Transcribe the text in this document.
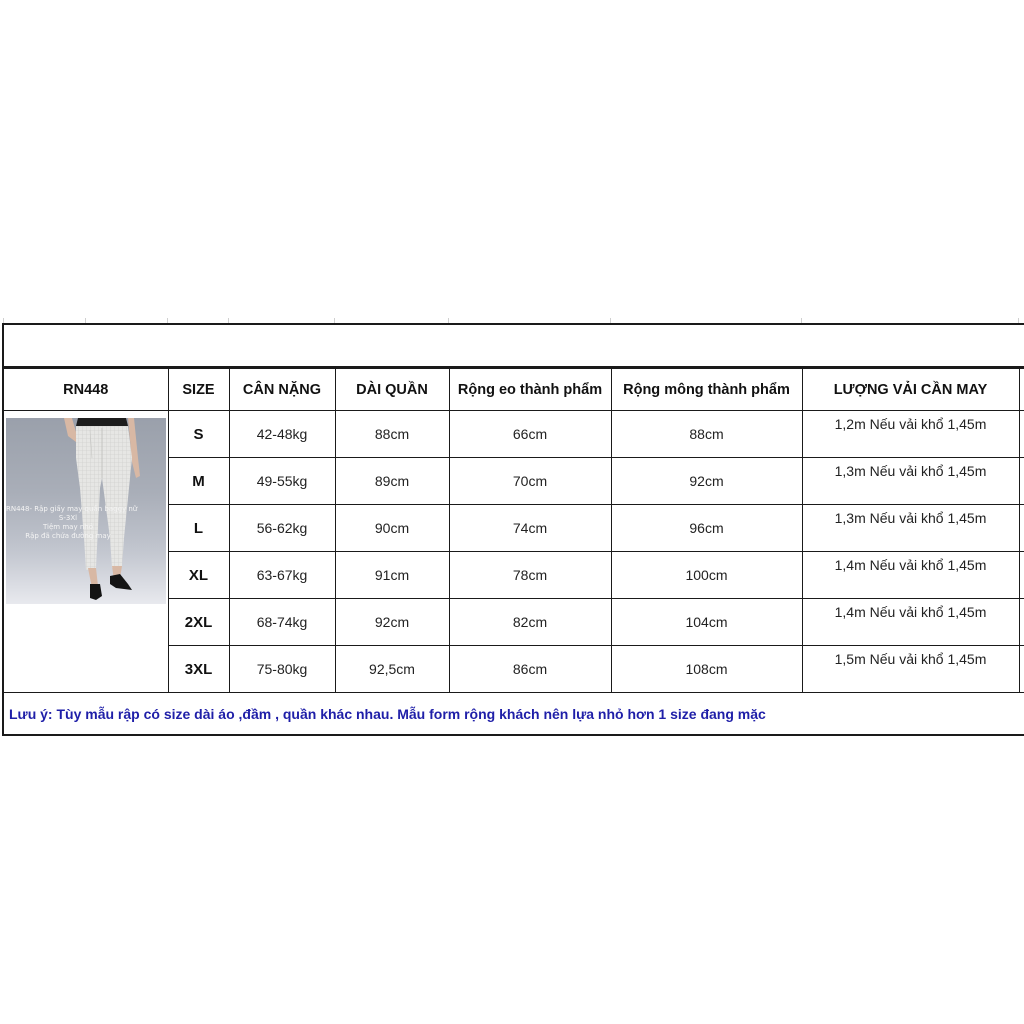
RN448	SIZE	CÂN NẶNG	DÀI QUẦN	Rộng eo thành phẩm	Rộng mông thành phẩm	LƯỢNG VẢI CẦN MAY	

RN448- Rập giấy may quần baggy nữ
S-3Xl
Tiệm may nhỏ
Rập đã chứa đường may	S	42-48kg	88cm	66cm	88cm	1,2m Nếu vải khổ 1,45m	
	M	49-55kg	89cm	70cm	92cm	1,3m Nếu vải khổ 1,45m	
	L	56-62kg	90cm	74cm	96cm	1,3m Nếu vải khổ 1,45m	
	XL	63-67kg	91cm	78cm	100cm	1,4m Nếu vải khổ 1,45m	
	2XL	68-74kg	92cm	82cm	104cm	1,4m Nếu vải khổ 1,45m	
	3XL	75-80kg	92,5cm	86cm	108cm	1,5m Nếu vải khổ 1,45m	
Lưu ý: Tùy mẫu rập có size dài áo ,đầm , quần khác nhau. Mẫu form rộng khách nên lựa nhỏ hơn 1 size đang mặc							
